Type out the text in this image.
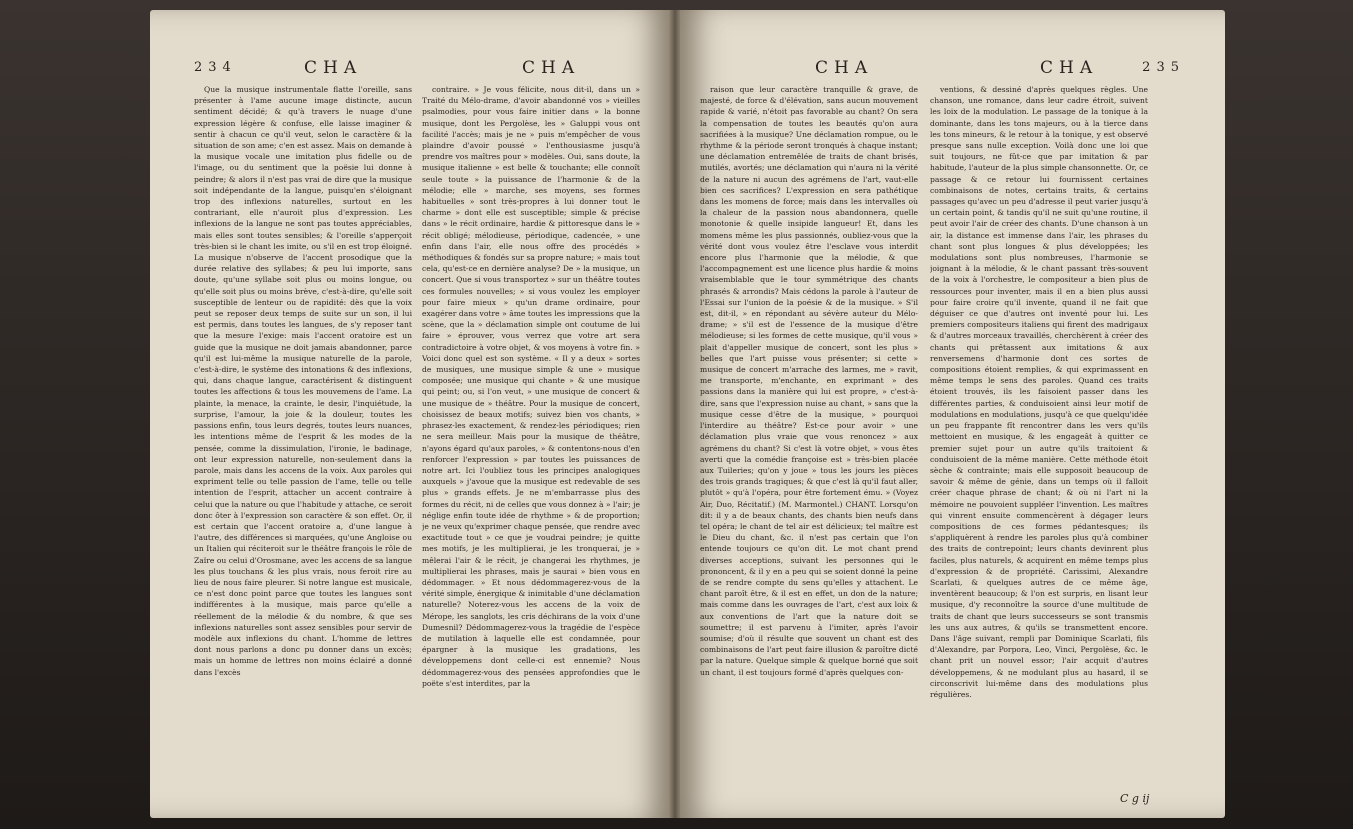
234	CHA	CHA

Que la musique instrumentale flatte l'oreille, sans présenter à l'ame aucune image distincte, aucun sentiment décidé; & qu'à travers le nuage d'une expression légère & confuse, elle laisse imaginer & sentir à chacun ce qu'il veut, selon le caractère & la situation de son ame; c'en est assez. Mais on demande à la musique vocale une imitation plus fidelle ou de l'image, ou du sentiment que la poësie lui donne à peindre; & alors il n'est pas vrai de dire que la musique soit indépendante de la langue, puisqu'en s'éloignant trop des inflexions naturelles, surtout en les contrariant, elle n'auroit plus d'expression. Les inflexions de la langue ne sont pas toutes appréciables, mais elles sont toutes sensibles; & l'oreille s'apperçoit très-bien si le chant les imite, ou s'il en est trop éloigné. La musique n'observe de l'accent prosodique que la durée relative des syllabes; & peu lui importe, sans doute, qu'une syllabe soit plus ou moins longue, ou qu'elle soit plus ou moins brève, c'est-à-dire, qu'elle soit susceptible de lenteur ou de rapidité: dès que la voix peut se reposer deux temps de suite sur un son, il lui est permis, dans toutes les langues, de s'y reposer tant que la mesure l'exige: mais l'accent oratoire est un guide que la musique ne doit jamais abandonner, parce qu'il est lui-même la musique naturelle de la parole, c'est-à-dire, le système des intonations & des inflexions, qui, dans chaque langue, caractérisent & distinguent toutes les affections & tous les mouvemens de l'ame. La plainte, la menace, la crainte, le desir, l'inquiétude, la surprise, l'amour, la joie & la douleur, toutes les passions enfin, tous leurs degrés, toutes leurs nuances, les intentions même de l'esprit & les modes de la pensée, comme la dissimulation, l'ironie, le badinage, ont leur expression naturelle, non-seulement dans la parole, mais dans les accens de la voix. Aux paroles qui expriment telle ou telle passion de l'ame, telle ou telle intention de l'esprit, attacher un accent contraire à celui que la nature ou que l'habitude y attache, ce seroit donc ôter à l'expression son caractère & son effet. Or, il est certain que l'accent oratoire a, d'une langue à l'autre, des différences si marquées, qu'une Angloise ou un Italien qui réciteroit sur le théâtre françois le rôle de Zaïre ou celui d'Orosmane, avec les accens de sa langue les plus touchans & les plus vrais, nous feroit rire au lieu de nous faire pleurer. Si notre langue est musicale, ce n'est donc point parce que toutes les langues sont indifférentes à la musique, mais parce qu'elle a réellement de la mélodie & du nombre, & que ses inflexions naturelles sont assez sensibles pour servir de modèle aux inflexions du chant. L'homme de lettres dont nous parlons a donc pu donner dans un excès; mais un homme de lettres non moins éclairé a donné dans l'excès

contraire. » Je vous félicite, nous dit-il, dans un » Traité du Mélo-drame, d'avoir abandonné vos » vieilles psalmodies, pour vous faire initier dans » la bonne musique, dont les Pergolèse, les » Galuppi vous ont facilité l'accès; mais je ne » puis m'empêcher de vous plaindre d'avoir poussé » l'enthousiasme jusqu'à prendre vos maîtres pour » modèles. Oui, sans doute, la musique italienne » est belle & touchante; elle connoît seule toute » la puissance de l'harmonie & de la mélodie; elle » marche, ses moyens, ses formes habituelles » sont très-propres à lui donner tout le charme » dont elle est susceptible; simple & précise dans » le récit ordinaire, hardie & pittoresque dans le » récit obligé; mélodieuse, périodique, cadencée, » une enfin dans l'air, elle nous offre des procédés » méthodiques & fondés sur sa propre nature; » mais tout cela, qu'est-ce en dernière analyse? De » la musique, un concert. Que si vous transportez » sur un théâtre toutes ces formules nouvelles; » si vous voulez les employer pour faire mieux » qu'un drame ordinaire, pour exagérer dans votre » âme toutes les impressions que la scène, que la » déclamation simple ont coutume de lui faire » éprouver, vous verrez que votre art sera contradictoire à votre objet, & vos moyens à votre fin. » Voici donc quel est son système. « Il y a deux » sortes de musiques, une musique simple & une » musique composée; une musique qui chante » & une musique qui peint; ou, si l'on veut, » une musique de concert & une musique de » théâtre. Pour la musique de concert, choisissez de beaux motifs; suivez bien vos chants, » phrasez-les exactement, & rendez-les périodiques; rien ne sera meilleur. Mais pour la musique de théâtre, n'ayons égard qu'aux paroles, » & contentons-nous d'en renforcer l'expression » par toutes les puissances de notre art. Ici l'oubliez tous les principes analogiques auxquels » j'avoue que la musique est redevable de ses plus » grands effets. Je ne m'embarrasse plus des formes du récit, ni de celles que vous donnez à » l'air; je néglige enfin toute idée de rhythme » & de proportion; je ne veux qu'exprimer chaque pensée, que rendre avec exactitude tout » ce que je voudrai peindre; je quitte mes motifs, je les multiplierai, je les tronquerai, je » mêlerai l'air & le récit, je changerai les rhythmes, je multiplierai les phrases, mais je saurai » bien vous en dédommager. » Et nous dédommagerez-vous de la vérité simple, énergique & inimitable d'une déclamation naturelle? Noterez-vous les accens de la voix de Mérope, les sanglots, les cris déchirans de la voix d'une Dumesnil? Dédommagerez-vous la tragédie de l'espèce de mutilation à laquelle elle est condamnée, pour épargner à la musique les gradations, les développemens dont celle-ci est ennemie? Nous dédommagerez-vous des pensées approfondies que le poëte s'est interdites, par la

CHA	CHA	235

raison que leur caractère tranquille & grave, de majesté, de force & d'élévation, sans aucun mouvement rapide & varié, n'étoit pas favorable au chant? On sera la compensation de toutes les beautés qu'on aura sacrifiées à la musique? Une déclamation rompue, ou le rhythme & la période seront tronqués à chaque instant; une déclamation entremêlée de traits de chant brisés, mutilés, avortés; une déclamation qui n'aura ni la vérité de la nature ni aucun des agrémens de l'art, vaut-elle bien ces sacrifices? L'expression en sera pathétique dans les momens de force; mais dans les intervalles où la chaleur de la passion nous abandonnera, quelle monotonie & quelle insipide langueur! Et, dans les momens même les plus passionnés, oubliez-vous que la vérité dont vous voulez être l'esclave vous interdit encore plus l'harmonie que la mélodie, & que l'accompagnement est une licence plus hardie & moins vraisemblable que le tour symmétrique des chants phrasés & arrondis? Mais cédons la parole à l'auteur de l'Essai sur l'union de la poésie & de la musique. » S'il est, dit-il, » en répondant au sévère auteur du Mélo-drame; » s'il est de l'essence de la musique d'être mélodieuse; si les formes de cette musique, qu'il vous » plait d'appeller musique de concert, sont les plus » belles que l'art puisse vous présenter; si cette » musique de concert m'arrache des larmes, me » ravit, me transporte, m'enchante, en exprimant » des passions dans la manière qui lui est propre, » c'est-à-dire, sans que l'expression nuise au chant, » sans que la musique cesse d'être de la musique, » pourquoi l'interdire au théâtre? Est-ce pour avoir » une déclamation plus vraie que vous renoncez » aux agrémens du chant? Si c'est là votre objet, » vous êtes averti que la comédie françoise est » très-bien placée aux Tuileries; qu'on y joue » tous les jours les pièces des trois grands tragiques; & que c'est là qu'il faut aller, plutôt » qu'à l'opéra, pour être fortement ému. » (Voyez Air, Duo, Récitatif.) (M. Marmontel.) CHANT. Lorsqu'on dit: il y a de beaux chants, des chants bien neufs dans tel opéra; le chant de tel air est délicieux; tel maître est le Dieu du chant, &c. il n'est pas certain que l'on entende toujours ce qu'on dit. Le mot chant prend diverses acceptions, suivant les personnes qui le prononcent, & il y en a peu qui se soient donné la peine de se rendre compte du sens qu'elles y attachent. Le chant paroît être, & il est en effet, un don de la nature; mais comme dans les ouvrages de l'art, c'est aux loix & aux conventions de l'art que la nature doit se soumettre; il est parvenu à l'imiter, après l'avoir soumise; d'où il résulte que souvent un chant est des combinaisons de l'art peut faire illusion & paroître dicté par la nature. Quelque simple & quelque borné que soit un chant, il est toujours formé d'après quelques con-

ventions, & dessiné d'après quelques règles. Une chanson, une romance, dans leur cadre étroit, suivent les loix de la modulation. Le passage de la tonique à la dominante, dans les tons majeurs, ou à la tierce dans les tons mineurs, & le retour à la tonique, y est observé presque sans nulle exception. Voilà donc une loi que suit toujours, ne fût-ce que par imitation & par habitude, l'auteur de la plus simple chansonnette. Or, ce passage & ce retour lui fournissent certaines combinaisons de notes, certains traits, & certains passages qu'avec un peu d'adresse il peut varier jusqu'à un certain point, & tandis qu'il ne suit qu'une routine, il peut avoir l'air de créer des chants. D'une chanson à un air, la distance est immense dans l'air, les phrases du chant sont plus longues & plus développées; les modulations sont plus nombreuses, l'harmonie se joignant à la mélodie, & le chant passant très-souvent de la voix à l'orchestre, le compositeur a bien plus de ressources pour inventer, mais il en a bien plus aussi pour faire croire qu'il invente, quand il ne fait que déguiser ce que d'autres ont inventé pour lui. Les premiers compositeurs italiens qui firent des madrigaux & d'autres morceaux travaillés, cherchèrent à créer des chants qui prêtassent aux imitations & aux renversemens d'harmonie dont ces sortes de compositions étoient remplies, & qui exprimassent en même temps le sens des paroles. Quand ces traits étoient trouvés, ils les faisoient passer dans les différentes parties, & conduisoient ainsi leur motif de modulations en modulations, jusqu'à ce que quelqu'idée un peu frappante fît rencontrer dans les vers qu'ils mettoient en musique, & les engageât à quitter ce premier sujet pour un autre qu'ils traitoient & conduisoient de la même manière. Cette méthode étoit sèche & contrainte; mais elle supposoit beaucoup de savoir & même de génie, dans un temps où il falloit créer chaque phrase de chant; & où ni l'art ni la mémoire ne pouvoient suppléer l'invention. Les maîtres qui vinrent ensuite commencèrent à dégager leurs compositions de ces formes pédantesques; ils s'appliquèrent à rendre les paroles plus qu'à combiner des traits de contrepoint; leurs chants devinrent plus faciles, plus naturels, & acquirent en même temps plus d'expression & de propriété. Carissimi, Alexandre Scarlati, & quelques autres de ce même âge, inventèrent beaucoup; & l'on est surpris, en lisant leur musique, d'y reconnoître la source d'une multitude de traits de chant que leurs successeurs se sont transmis les uns aux autres, & qu'ils se transmettent encore. Dans l'âge suivant, rempli par Dominique Scarlati, fils d'Alexandre, par Porpora, Leo, Vinci, Pergolèse, &c. le chant prit un nouvel essor; l'air acquit d'autres développemens, & ne modulant plus au hasard, il se circonscrivit lui-même dans des modulations plus régulières.

C g ij
